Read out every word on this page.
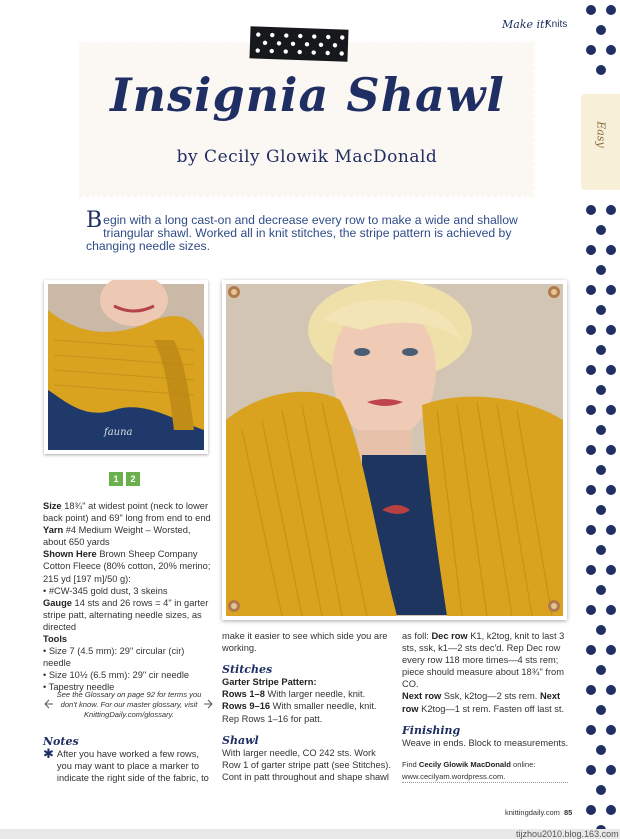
Make it!
Knits
Easy
Insignia Shawl
by Cecily Glowik MacDonald
Begin with a long cast-on and decrease every row to make a wide and shallow triangular shawl. Worked all in knit stitches, the stripe pattern is achieved by changing needle sizes.
fauna
1 2
Size 18¾" at widest point (neck to lower back point) and 69" long from end to end
Yarn #4 Medium Weight – Worsted, about 650 yards
Shown Here Brown Sheep Company Cotton Fleece (80% cotton, 20% merino; 215 yd [197 m]/50 g):
• #CW-345 gold dust, 3 skeins
Gauge 14 sts and 26 rows = 4" in garter stripe patt, alternating needle sizes, as directed
Tools
• Size 7 (4.5 mm): 29" circular (cir) needle
• Size 10½ (6.5 mm): 29" cir needle
• Tapestry needle
See the Glossary on page 92 for terms you don't know. For our master glossary, visit KnittingDaily.com/glossary.
Notes
✱ After you have worked a few rows, you may want to place a marker to indicate the right side of the fabric, to
make it easier to see which side you are working.
Stitches
Garter Stripe Pattern:
Rows 1–8 With larger needle, knit.
Rows 9–16 With smaller needle, knit.
Rep Rows 1–16 for patt.
Shawl
With larger needle, CO 242 sts. Work Row 1 of garter stripe patt (see Stitches). Cont in patt throughout and shape shawl
as foll: Dec row K1, k2tog, knit to last 3 sts, ssk, k1—2 sts dec'd. Rep Dec row every row 118 more times—4 sts rem; piece should measure about 18¾" from CO.
Next row Ssk, k2tog—2 sts rem. Next row K2tog—1 st rem. Fasten off last st.
Finishing
Weave in ends. Block to measurements.
Find Cecily Glowik MacDonald online:
www.cecilyam.wordpress.com.
knittingdaily.com 85
tijzhou2010.blog.163.com
